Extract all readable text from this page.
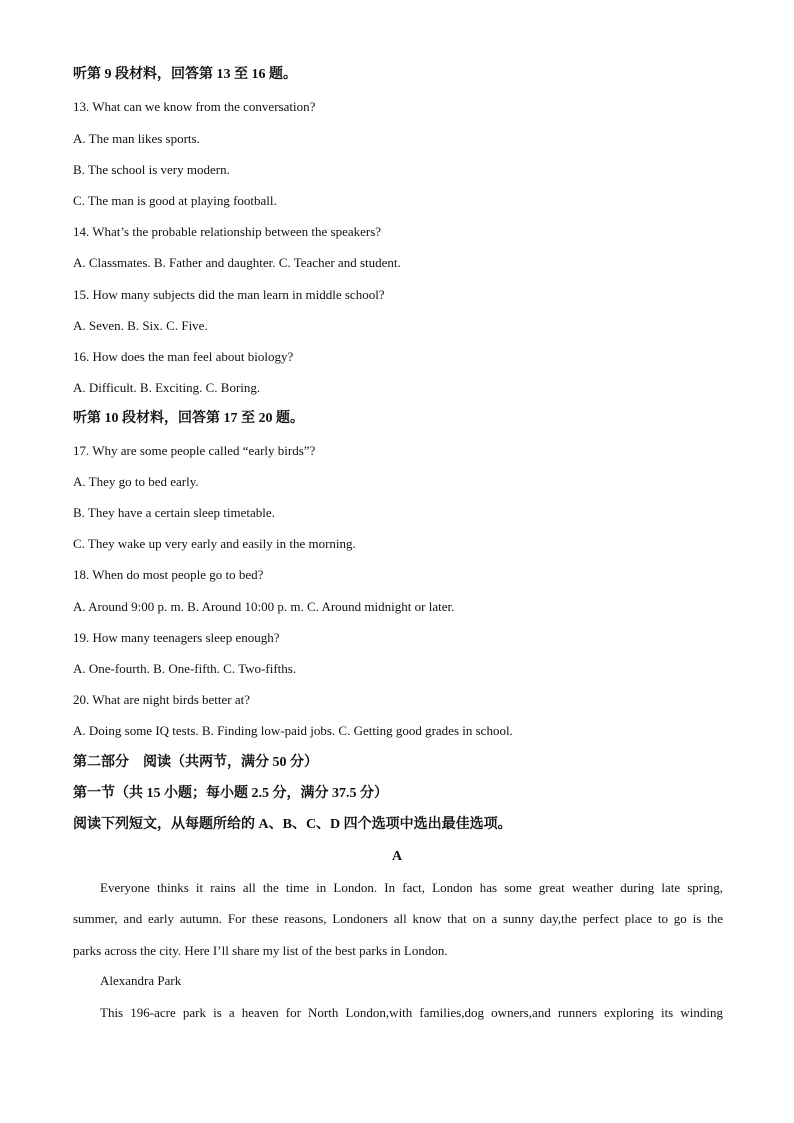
听第 9 段材料，回答第 13 至 16 题。
13. What can we know from the conversation?
A. The man likes sports.
B. The school is very modern.
C. The man is good at playing football.
14. What’s the probable relationship between the speakers?
A. Classmates. B. Father and daughter. C. Teacher and student.
15. How many subjects did the man learn in middle school?
A. Seven. B. Six. C. Five.
16. How does the man feel about biology?
A. Difficult. B. Exciting. C. Boring.
听第 10 段材料，回答第 17 至 20 题。
17. Why are some people called “early birds”?
A. They go to bed early.
B. They have a certain sleep timetable.
C. They wake up very early and easily in the morning.
18. When do most people go to bed?
A. Around 9:00 p. m. B. Around 10:00 p. m. C. Around midnight or later.
19. How many teenagers sleep enough?
A. One-fourth. B. One-fifth. C. Two-fifths.
20. What are night birds better at?
A. Doing some IQ tests. B. Finding low-paid jobs. C. Getting good grades in school.
第二部分　阅读（共两节，满分 50 分）
第一节（共 15 小题；每小题 2.5 分，满分 37.5 分）
阅读下列短文，从每题所给的 A、B、C、D 四个选项中选出最佳选项。
A
Everyone thinks it rains all the time in London. In fact, London has some great weather during late spring,
summer, and early autumn. For these reasons, Londoners all know that on a sunny day,the perfect place to go is the
parks across the city. Here I’ll share my list of the best parks in London.
Alexandra Park
This 196-acre park is a heaven for North London,with families,dog owners,and runners exploring its winding
